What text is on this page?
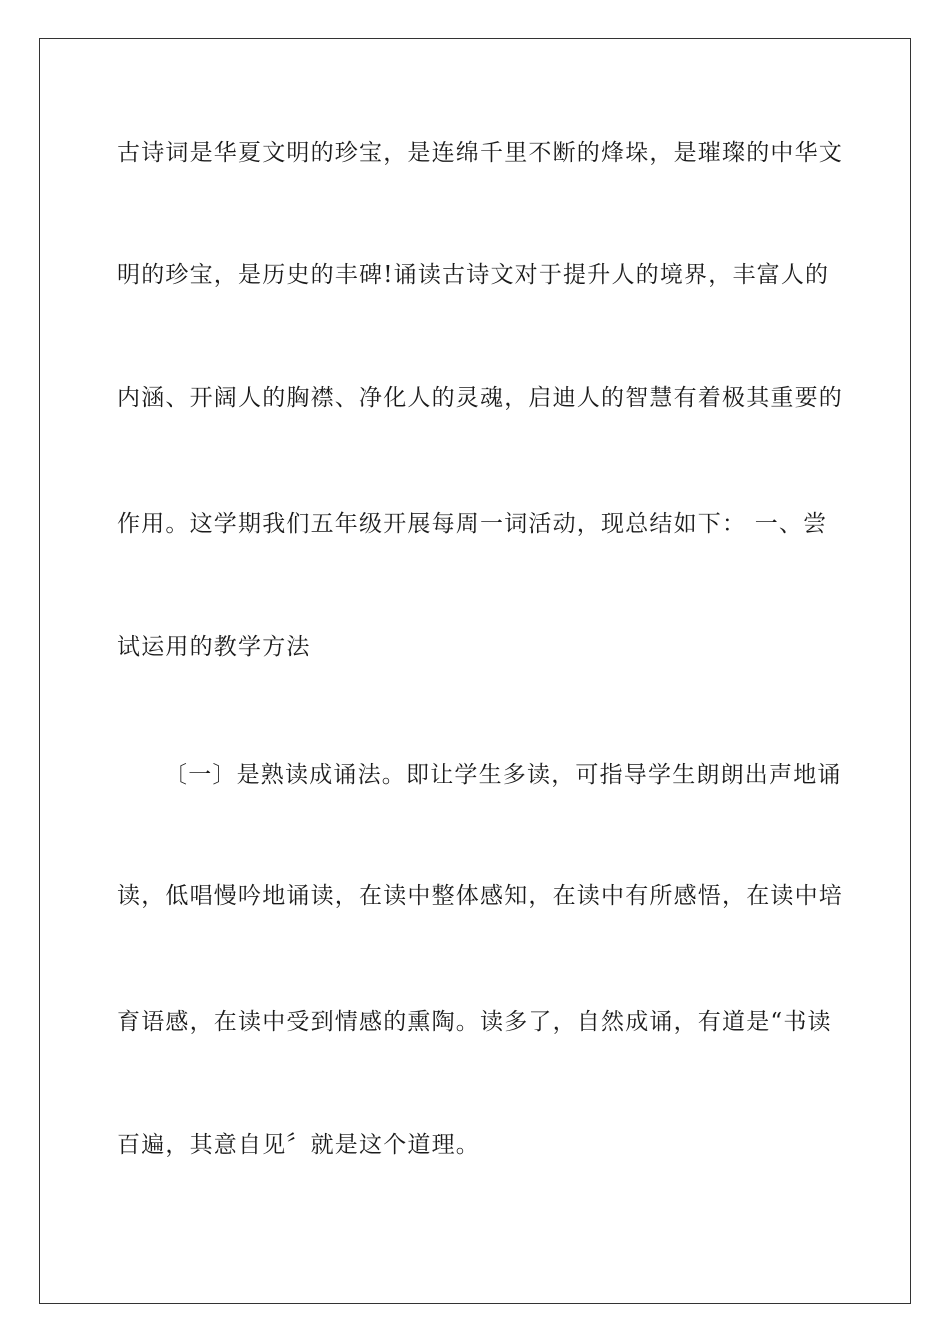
古诗词是华夏文明的珍宝，是连绵千里不断的烽垛，是璀璨的中华文
明的珍宝，是历史的丰碑!诵读古诗文对于提升人的境界，丰富人的
内涵、开阔人的胸襟、净化人的灵魂，启迪人的智慧有着极其重要的
作用。这学期我们五年级开展每周一词活动，现总结如下： 一、尝
试运用的教学方法
〔一〕是熟读成诵法。即让学生多读，可指导学生朗朗出声地诵
读，低唱慢吟地诵读，在读中整体感知，在读中有所感悟，在读中培
育语感，在读中受到情感的熏陶。读多了，自然成诵，有道是“书读
百遍，其意自见〞就是这个道理。
